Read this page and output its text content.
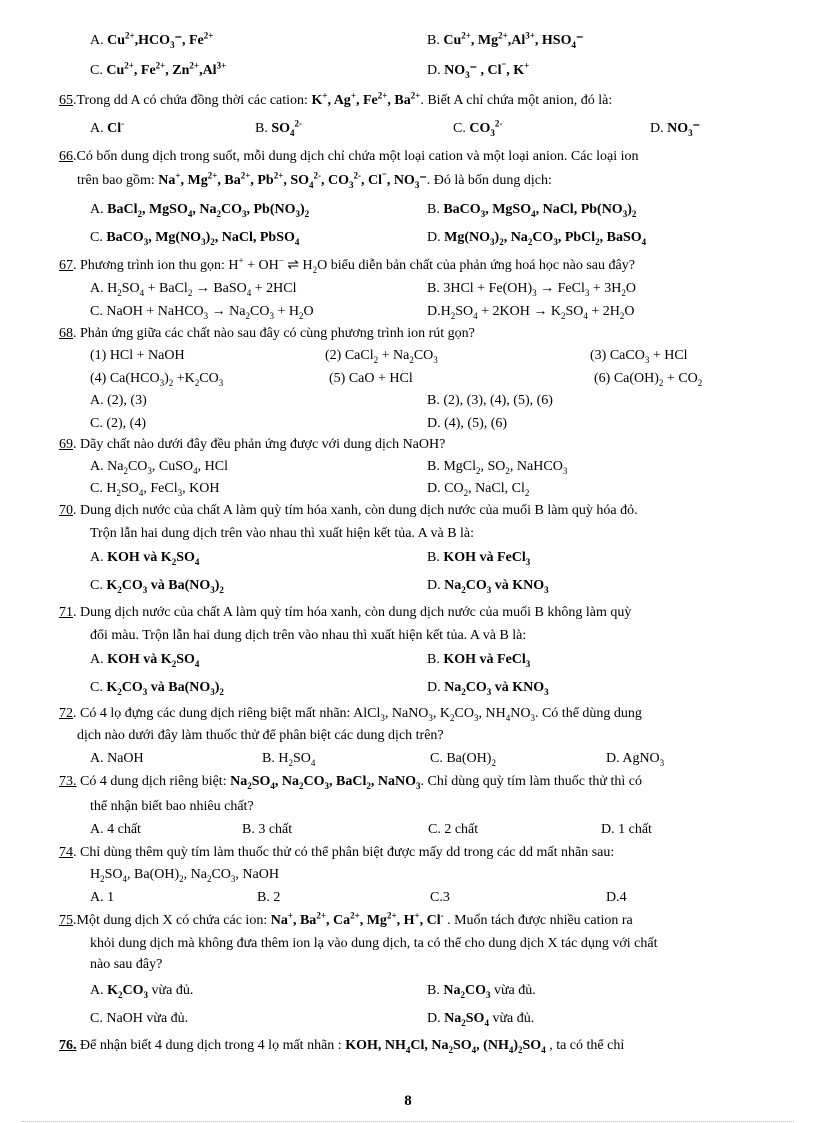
A. $Cu^{2+},HCO_3^-$, $Fe^{2+}$	B. $Cu^{2+}$, $Mg^{2+},Al^{3+}$, $HSO_4^-$
C. $Cu^{2+}$, $Fe^{2+}$, $Zn^{2+},Al^{3+}$	D. $NO_3^-$ , Cl⁻, K+
65.Trong dd A có chứa đồng thời các cation: K+, Ag+, $Fe^{2+}$, $Ba^{2+}$. Biết A chỉ chứa một anion, đó là:
A. Cl-	B. $SO_4^{2-}$	C. $CO_3^{2-}$	D. $NO_3^-$
66.Có bốn dung dịch trong suốt, mỗi dung dịch chỉ chứa một loại cation và một loại anion. Các loại ion
trên bao gồm: Na+, $Mg^{2+}$, $Ba^{2+}$, $Pb^{2+}$, $SO_4^{2-}$, $CO_3^{2-}$, Cl⁻, $NO_3^-$. Đó là bốn dung dịch:
A. BaCl$_2$, MgSO$_4$, $Na_2CO_3$, $Pb(NO_3)_2$	B. BaCO$_3$, MgSO$_4$, NaCl, $Pb(NO_3)_2$
C. BaCO$_3$, $Mg(NO_3)_2$, NaCl, PbSO$_4$	D. $Mg(NO_3)_2$, $Na_2CO_3$, PbCl$_2$, BaSO$_4$
67. Phương trình ion thu gọn: H+ + OH− ⇌ $H_2O$ biểu diễn bản chất của phản ứng hoá học nào sau đây?
A. $H_2SO_4$ + BaCl$_2$ → BaSO$_4$ + 2HCl	B. $3HCl + Fe(OH)_3$ → FeCl$_3$ + $3H_2O$
C. NaOH + NaHCO$_3$ → $Na_2CO_3 + H_2O$	$D.H_2SO_4 + 2KOH \to K_2SO_4 + 2H_2O$
68. Phản ứng giữa các chất nào sau đây có cùng phương trình ion rút gọn?
(1) HCl + NaOH	(2) CaCl$_2$ + $Na_2CO_3$	(3) CaCO$_3$ + HCl
(4) $Ca(HCO_3)_2 +K_2CO_3$	(5) CaO + HCl	(6) $Ca(OH)_2 + CO_2$
A. (2), (3)	B. (2), (3), (4), (5), (6)
C. (2), (4)	D. (4), (5), (6)
69. Dãy chất nào dưới đây đều phản ứng được với dung dịch NaOH?
A. $Na_2CO_3$, CuSO$_4$, HCl	B. MgCl$_2$, $SO_2$, NaHCO$_3$
C. $H_2SO_4$, FeCl$_3$, KOH	D. $CO_2$, NaCl, $Cl_2$
70. Dung dịch nước của chất A làm quỳ tím hóa xanh, còn dung dịch nước của muối B làm quỳ hóa đỏ.
Trộn lẫn hai dung dịch trên vào nhau thì xuất hiện kết tủa. A và B là:
A. KOH và $K_2SO_4$	B. KOH và FeCl$_3$
C. $K_2CO_3$ và $Ba(NO_3)_2$	D. $Na_2CO_3$ và $KNO_3$
71. Dung dịch nước của chất A làm quỳ tím hóa xanh, còn dung dịch nước của muối B không làm quỳ
đổi màu. Trộn lẫn hai dung dịch trên vào nhau thì xuất hiện kết tủa. A và B là:
A. KOH và $K_2SO_4$	B. KOH và FeCl$_3$
C. $K_2CO_3$ và $Ba(NO_3)_2$	D. $Na_2CO_3$ và $KNO_3$
72. Có 4 lọ đựng các dung dịch riêng biệt mất nhãn: AlCl$_3$, NaNO$_3$, $K_2CO_3$, $NH_4NO_3$. Có thể dùng dung
dịch nào dưới đây làm thuốc thử để phân biệt các dung dịch trên?
A. NaOH	B. $H_2SO_4$	C. $Ba(OH)_2$	D. AgNO$_3$
73. Có 4 dung dịch riêng biệt: $Na_2SO_4$, $Na_2CO_3$, BaCl$_2$, NaNO$_3$. Chỉ dùng quỳ tím làm thuốc thử thì có
thể nhận biết bao nhiêu chất?
A. 4 chất	B. 3 chất	C. 2 chất	D. 1 chất
74. Chỉ dùng thêm quỳ tím làm thuốc thử có thể phân biệt được mấy dd trong các dd mất nhãn sau:
$H_2SO_4$, $Ba(OH)_2$, $Na_2CO_3$, NaOH
A. 1	B. 2	C.3	D.4
75.Một dung dịch X có chứa các ion: Na+, $Ba^{2+}$, $Ca^{2+}$, $Mg^{2+}$, H+, Cl- . Muốn tách được nhiều cation ra
khỏi dung dịch mà không đưa thêm ion lạ vào dung dịch, ta có thể cho dung dịch X tác dụng với chất
nào sau đây?
A. $K_2CO_3$ vừa đủ.	B. $Na_2CO_3$ vừa đủ.
C. NaOH vừa đủ.	D. $Na_2SO_4$ vừa đủ.
76. Để nhận biết 4 dung dịch trong 4 lọ mất nhãn : KOH, $NH_4Cl$, $Na_2SO_4$, $(NH_4)_2SO_4$ , ta có thể chỉ
8
